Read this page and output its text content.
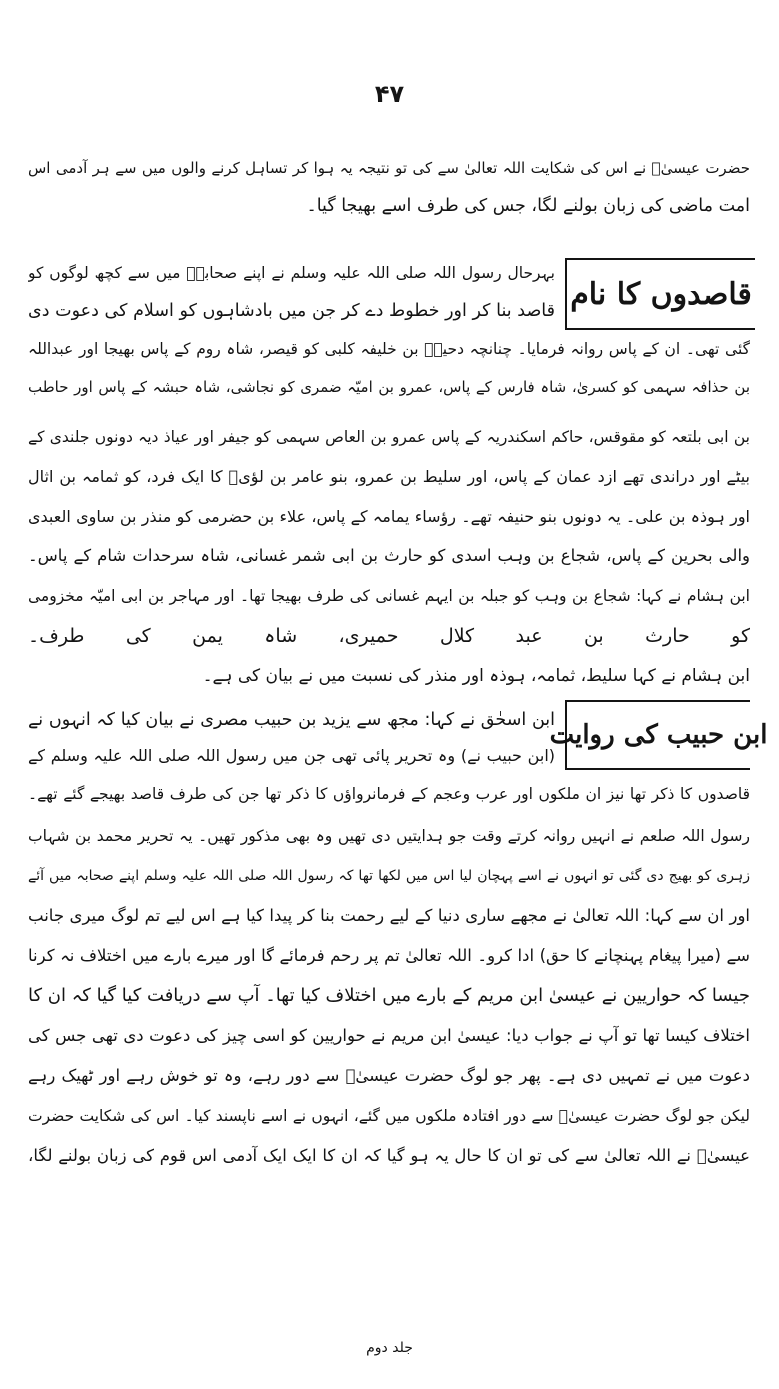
۴۷
حضرت عیسیٰؑ نے اس کی شکایت اللہ تعالیٰ سے کی تو نتیجہ یہ ہوا کر تساہل کرنے والوں میں سے ہر آدمی اس
امت ماضی کی زبان بولنے لگا، جس کی طرف اسے بھیجا گیا۔
قاصدوں کا نام
بہرحال رسول اللہ صلی اللہ علیہ وسلم نے اپنے صحابہؓ میں سے کچھ لوگوں کو
قاصد بنا کر اور خطوط دے کر جن میں بادشاہوں کو اسلام کی دعوت دی
گئی تھی۔ ان کے پاس روانہ فرمایا۔ چنانچہ دحیہؓ بن خلیفہ کلبی کو قیصر، شاہ روم کے پاس بھیجا اور عبداللہ
بن حذافہ سہمی کو کسریٰ، شاہ فارس کے پاس، عمرو بن امیّہ ضمری کو نجاشی، شاہ حبشہ کے پاس اور حاطب
بن ابی بلتعہ کو مقوقس، حاکم اسکندریہ کے پاس عمرو بن العاص سہمی کو جیفر اور عیاذ دیہ دونوں جلندی کے
بیٹے اور دراندی تھے ازد عمان کے پاس، اور سلیط بن عمرو، بنو عامر بن لؤیؓ کا ایک فرد، کو ثمامہ بن اثال
اور ہوذہ بن علی۔ یہ دونوں بنو حنیفہ تھے۔ رؤساء یمامہ کے پاس، علاء بن حضرمی کو منذر بن ساوی العبدی
والی بحرین کے پاس، شجاع بن وہب اسدی کو حارث بن ابی شمر غسانی، شاہ سرحدات شام کے پاس۔
ابن ہشام نے کہا: شجاع بن وہب کو جبلہ بن ایہم غسانی کی طرف بھیجا تھا۔ اور مہاجر بن ابی امیّہ مخزومی
کو حارث بن عبد کلال حمیری، شاہ یمن کی طرف۔
ابن ہشام نے کہا سلیط، ثمامہ، ہوذہ اور منذر کی نسبت میں نے بیان کی ہے۔
ابن حبیب کی روایت
ابن اسحٰق نے کہا: مجھ سے یزید بن حبیب مصری نے بیان کیا کہ انہوں نے
(ابن حبیب نے) وہ تحریر پائی تھی جن میں رسول اللہ صلی اللہ علیہ وسلم کے
قاصدوں کا ذکر تھا نیز ان ملکوں اور عرب وعجم کے فرمانرواؤں کا ذکر تھا جن کی طرف قاصد بھیجے گئے تھے۔
رسول اللہ صلعم نے انہیں روانہ کرتے وقت جو ہدایتیں دی تھیں وہ بھی مذکور تھیں۔ یہ تحریر محمد بن شہاب
زہری کو بھیج دی گئی تو انہوں نے اسے پہچان لیا اس میں لکھا تھا کہ رسول اللہ صلی اللہ علیہ وسلم اپنے صحابہ میں آئے
اور ان سے کہا: اللہ تعالیٰ نے مجھے ساری دنیا کے لیے رحمت بنا کر پیدا کیا ہے اس لیے تم لوگ میری جانب
سے (میرا پیغام پہنچانے کا حق) ادا کرو۔ اللہ تعالیٰ تم پر رحم فرمائے گا اور میرے بارے میں اختلاف نہ کرنا
جیسا کہ حواریین نے عیسیٰ ابن مریم کے بارے میں اختلاف کیا تھا۔ آپ سے دریافت کیا گیا کہ ان کا
اختلاف کیسا تھا تو آپ نے جواب دیا: عیسیٰ ابن مریم نے حواریین کو اسی چیز کی دعوت دی تھی جس کی
دعوت میں نے تمہیں دی ہے۔ پھر جو لوگ حضرت عیسیٰؑ سے دور رہے، وہ تو خوش رہے اور ٹھیک رہے
لیکن جو لوگ حضرت عیسیٰؑ سے دور افتادہ ملکوں میں گئے، انہوں نے اسے ناپسند کیا۔ اس کی شکایت حضرت
عیسیٰؑ نے اللہ تعالیٰ سے کی تو ان کا حال یہ ہو گیا کہ ان کا ایک ایک آدمی اس قوم کی زبان بولنے لگا،
جلد دوم
